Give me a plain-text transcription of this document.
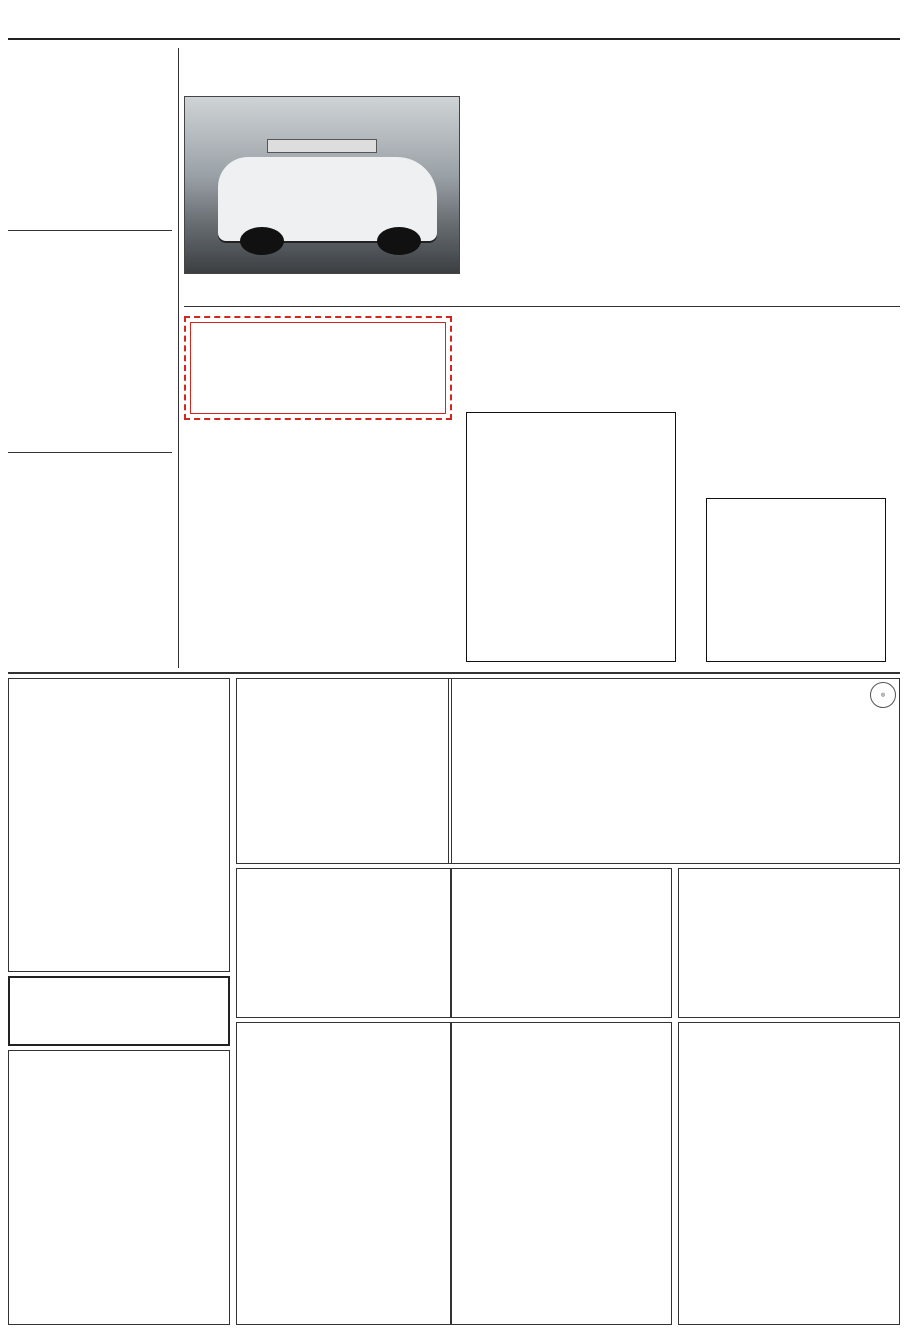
◎
